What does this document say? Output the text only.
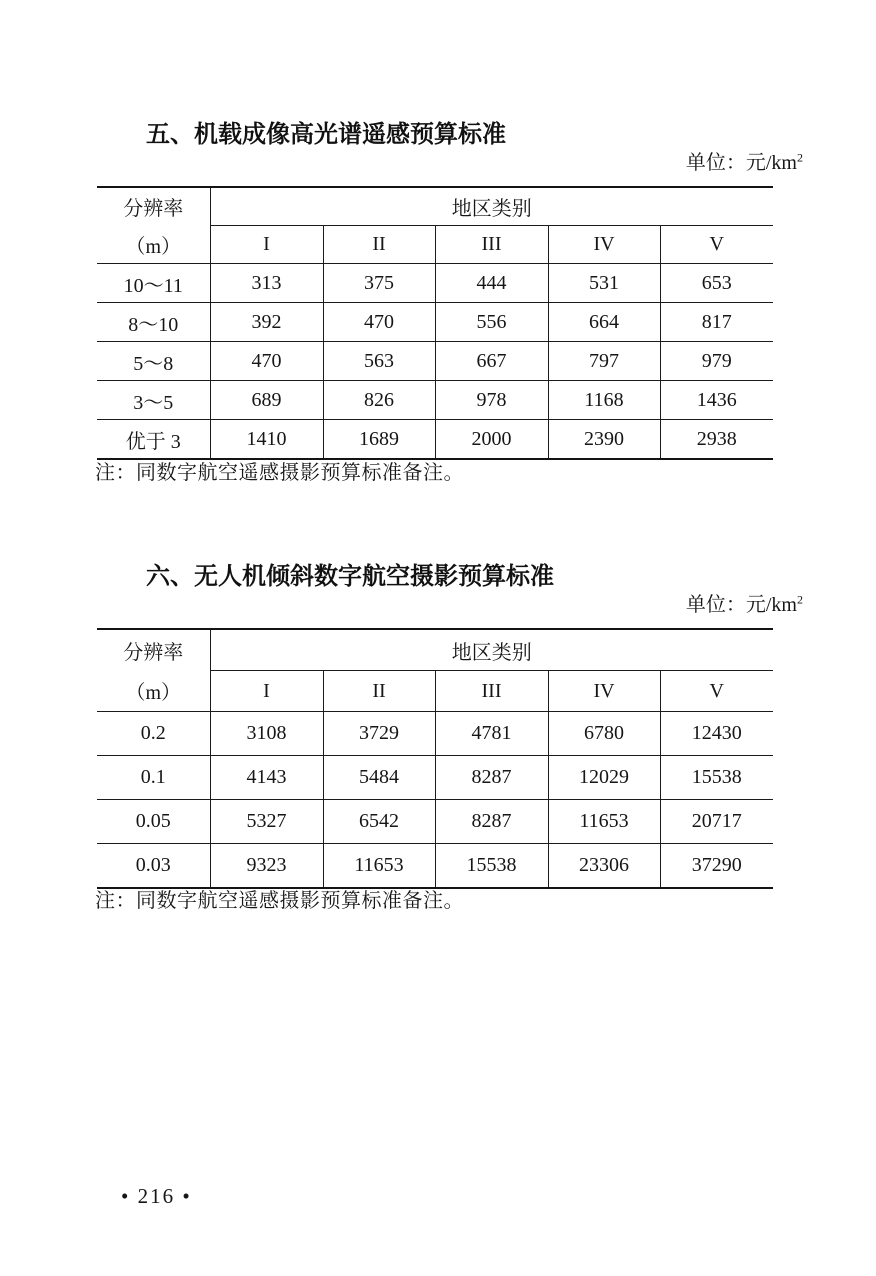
五、机载成像高光谱遥感预算标准
单位：元$/km^2$
分辨率
（m）	地区类别				
	I	II	III	IV	V
10～11	313	375	444	531	653
8～10	392	470	556	664	817
5～8	470	563	667	797	979
3～5	689	826	978	1168	1436
优于 3	1410	1689	2000	2390	2938
注：同数字航空遥感摄影预算标准备注。
六、无人机倾斜数字航空摄影预算标准
单位：元$/km^2$
分辨率
（m）	地区类别				
	I	II	III	IV	V
0.2	3108	3729	4781	6780	12430
0.1	4143	5484	8287	12029	15538
0.05	5327	6542	8287	11653	20717
0.03	9323	11653	15538	23306	37290
注：同数字航空遥感摄影预算标准备注。
• 216 •
